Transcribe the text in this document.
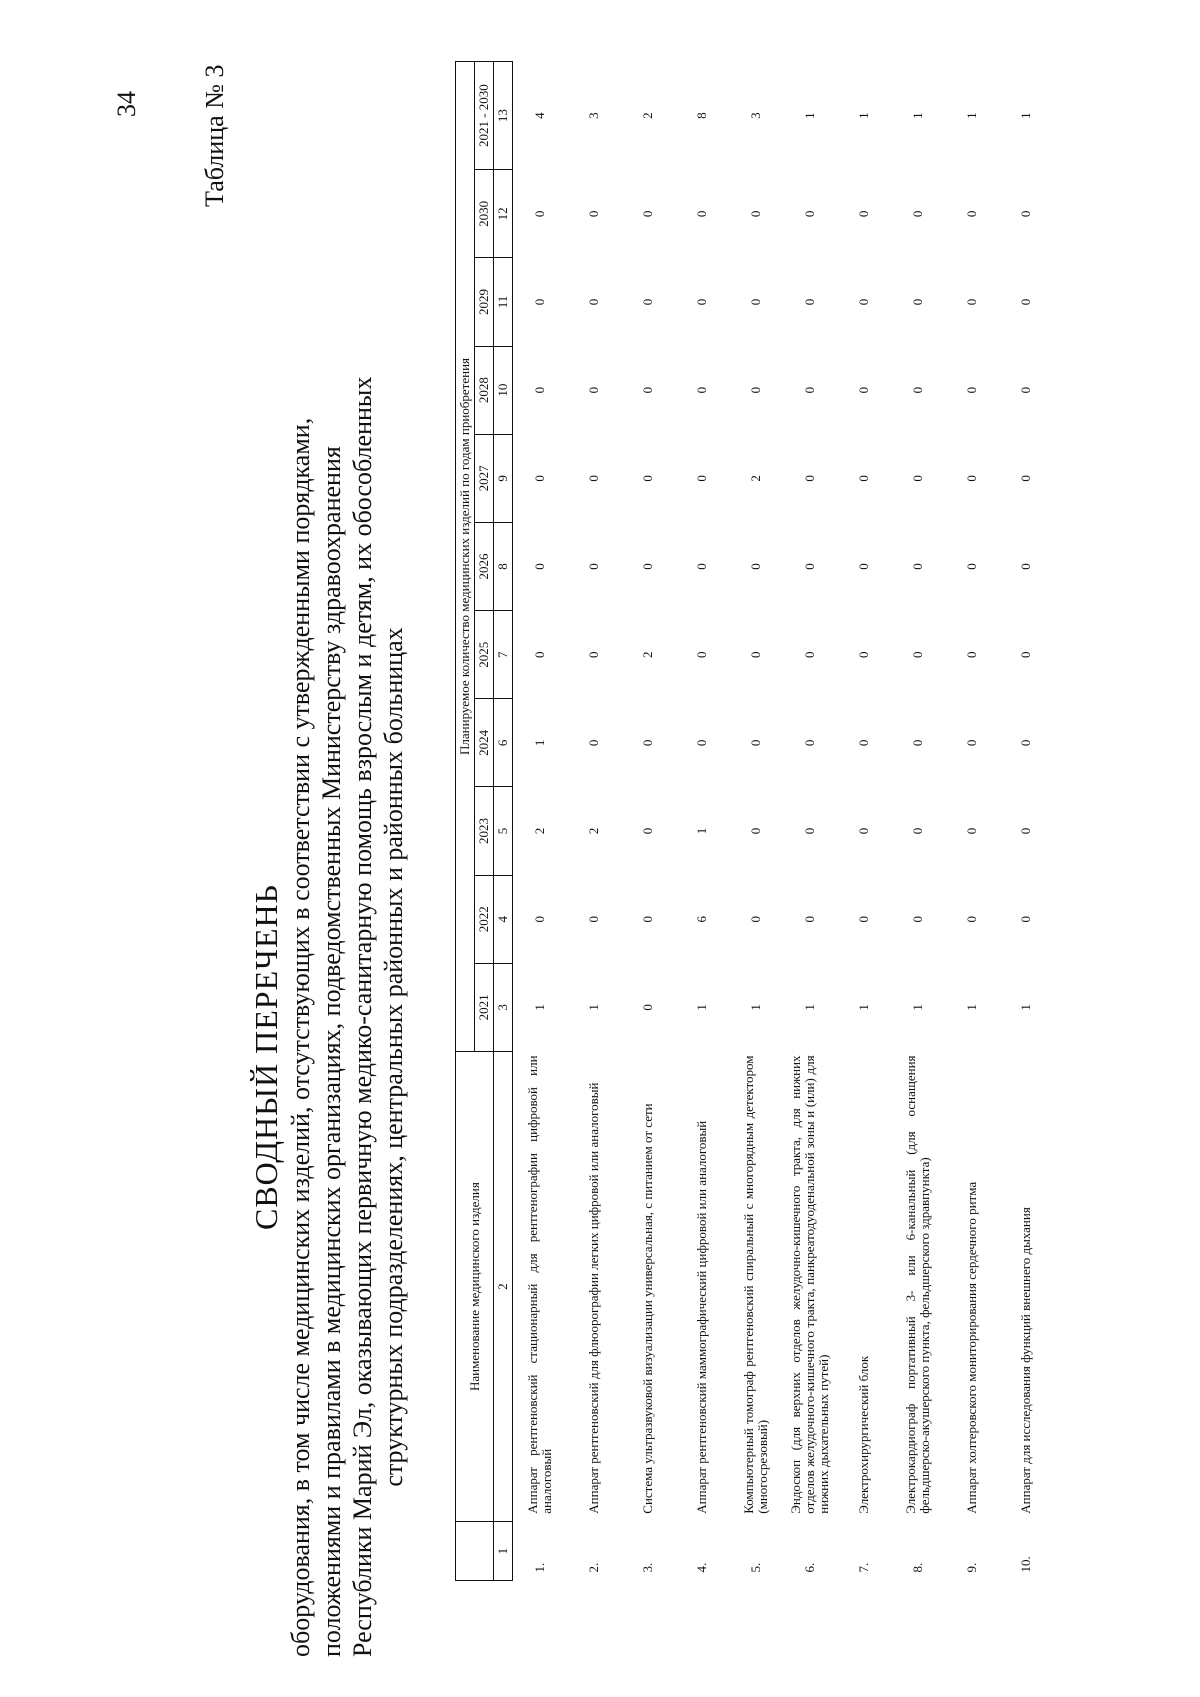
34 Таблица № 3
СВОДНЫЙ ПЕРЕЧЕНЬ оборудования, в том числе медицинских изделий, отсутствующих в соответствии с утвержденными порядками, положениями и правилами в медицинских организациях, подведомственных Министерству здравоохранения Республики Марий Эл, оказывающих первичную медико-санитарную помощь взрослым и детям, их обособленных структурных подразделениях, центральных районных и районных больницах
		Наименование медицинского изделия	Планируемое количество медицинских изделий по годам приобретения										
		2021	2022	2023	2024	2025	2026	2027	2028	2029	2030	2021 - 2030
1	2	3	4	5	6	7	8	9	10	11	12	13
1.	Аппарат рентгеновский стационарный для рентгенографии цифровой или аналоговый	1	0	2	1	0	0	0	0	0	0	4
2.	Аппарат рентгеновский для флюорографии легких цифровой или аналоговый	1	0	2	0	0	0	0	0	0	0	3
3.	Система ультразвуковой визуализации универсальная, с питанием от сети	0	0	0	0	2	0	0	0	0	0	2
4.	Аппарат рентгеновский маммографический цифровой или аналоговый	1	6	1	0	0	0	0	0	0	0	8
5.	Компьютерный томограф рентгеновский спиральный с многорядным детектором (многосрезовый)	1	0	0	0	0	0	2	0	0	0	3
6.	Эндоскоп (для верхних отделов желудочно-кишечного тракта, для нижних отделов желудочного-кишечного тракта, панкреатодуоденальной зоны и (или) для нижних дыхательных путей)	1	0	0	0	0	0	0	0	0	0	1
7.	Электрохирургический блок	1	0	0	0	0	0	0	0	0	0	1
8.	Электрокардиограф портативный 3- или 6-канальный (для оснащения фельдшерско-акушерского пункта, фельдшерского здравпункта)	1	0	0	0	0	0	0	0	0	0	1
9.	Аппарат холтеровского мониторирования сердечного ритма	1	0	0	0	0	0	0	0	0	0	1
10.	Аппарат для исследования функций внешнего дыхания	1	0	0	0	0	0	0	0	0	0	1
